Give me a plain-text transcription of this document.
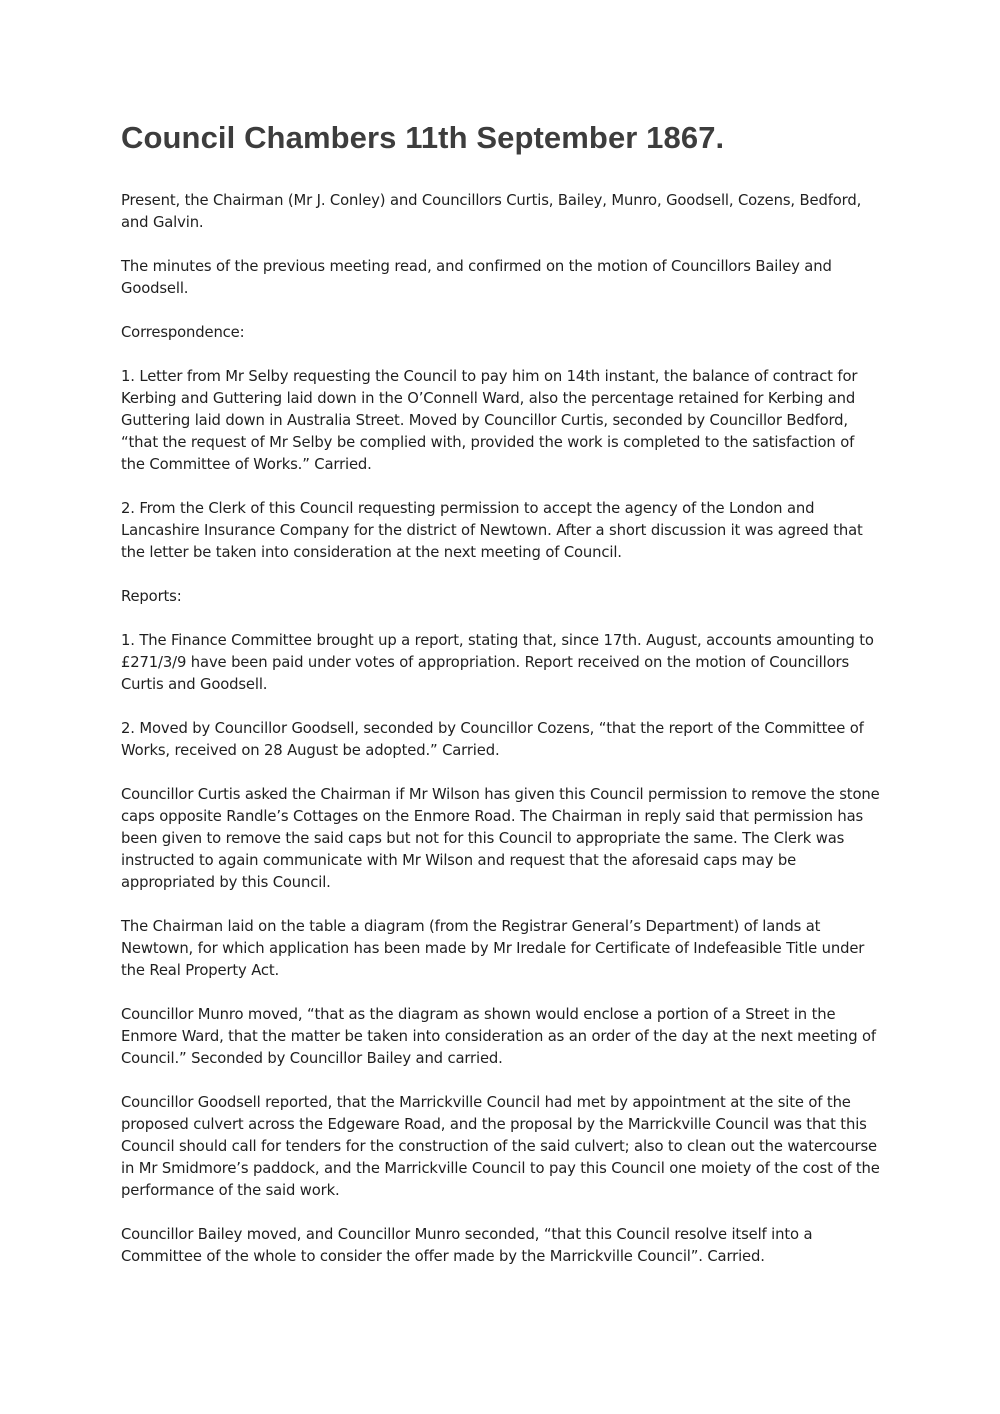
Council Chambers 11th September 1867.

Present, the Chairman (Mr J. Conley) and Councillors Curtis, Bailey, Munro, Goodsell, Cozens, Bedford, and Galvin.

The minutes of the previous meeting read, and confirmed on the motion of Councillors Bailey and Goodsell.

Correspondence:

1. Letter from Mr Selby requesting the Council to pay him on 14th instant, the balance of contract for Kerbing and Guttering laid down in the O’Connell Ward, also the percentage retained for Kerbing and Guttering laid down in Australia Street. Moved by Councillor Curtis, seconded by Councillor Bedford, “that the request of Mr Selby be complied with, provided the work is completed to the satisfaction of the Committee of Works.” Carried.

2. From the Clerk of this Council requesting permission to accept the agency of the London and Lancashire Insurance Company for the district of Newtown. After a short discussion it was agreed that the letter be taken into consideration at the next meeting of Council.

Reports:

1. The Finance Committee brought up a report, stating that, since 17th. August, accounts amounting to £271/3/9 have been paid under votes of appropriation. Report received on the motion of Councillors Curtis and Goodsell.

2. Moved by Councillor Goodsell, seconded by Councillor Cozens, “that the report of the Committee of Works, received on 28 August be adopted.” Carried.

Councillor Curtis asked the Chairman if Mr Wilson has given this Council permission to remove the stone caps opposite Randle’s Cottages on the Enmore Road. The Chairman in reply said that permission has been given to remove the said caps but not for this Council to appropriate the same. The Clerk was instructed to again communicate with Mr Wilson and request that the aforesaid caps may be appropriated by this Council.

The Chairman laid on the table a diagram (from the Registrar General’s Department) of lands at Newtown, for which application has been made by Mr Iredale for Certificate of Indefeasible Title under the Real Property Act.

Councillor Munro moved, “that as the diagram as shown would enclose a portion of a Street in the Enmore Ward, that the matter be taken into consideration as an order of the day at the next meeting of Council.” Seconded by Councillor Bailey and carried.

Councillor Goodsell reported, that the Marrickville Council had met by appointment at the site of the proposed culvert across the Edgeware Road, and the proposal by the Marrickville Council was that this Council should call for tenders for the construction of the said culvert; also to clean out the watercourse in Mr Smidmore’s paddock, and the Marrickville Council to pay this Council one moiety of the cost of the performance of the said work.

Councillor Bailey moved, and Councillor Munro seconded, “that this Council resolve itself into a Committee of the whole to consider the offer made by the Marrickville Council”. Carried.
